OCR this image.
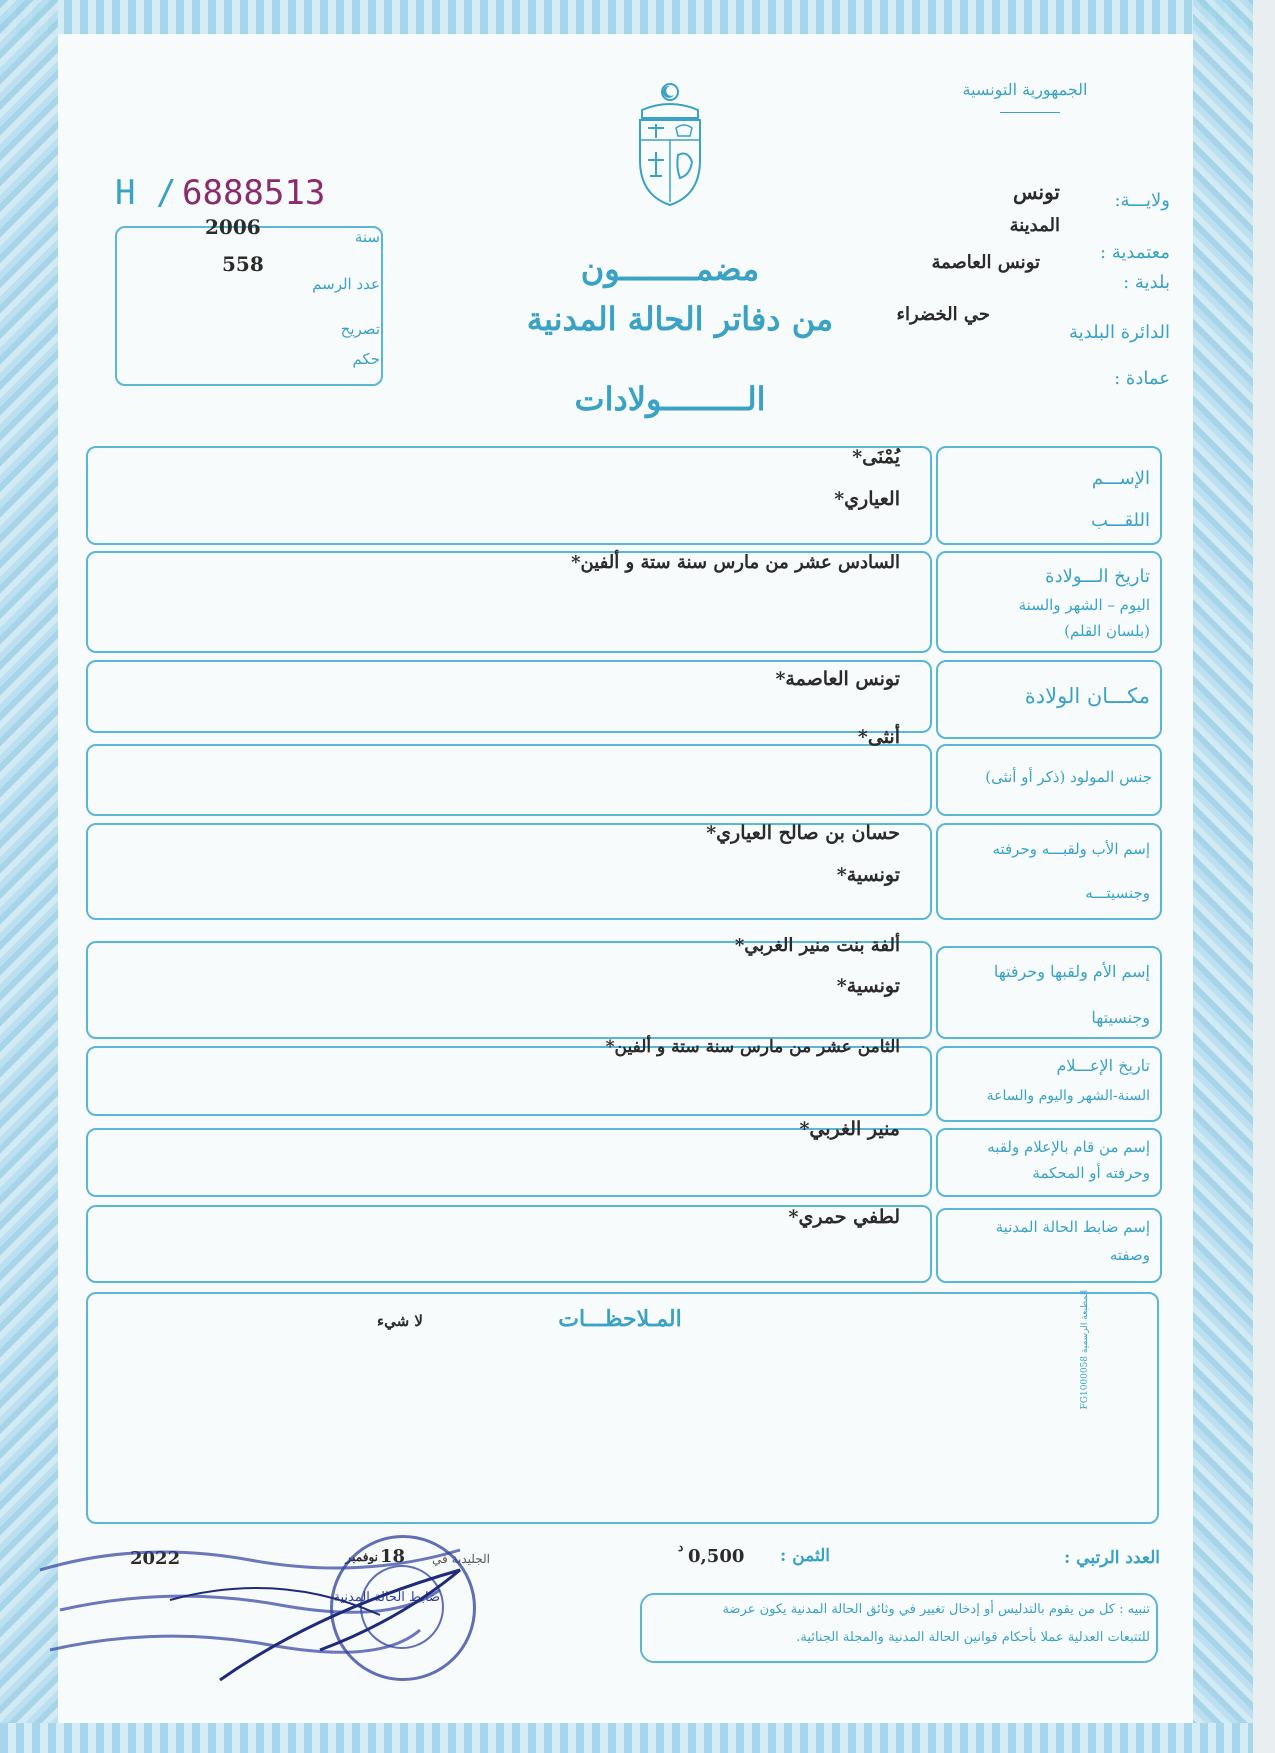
الجمهورية التونسية
ولايـــة:
تونس
المدينة
معتمدية :
تونس العاصمة
بلدية :
حي الخضراء
الدائرة البلدية
عمادة :
H / 6888513
2006	سنة
558
عدد الرسم
تصريح
حكم
مضمــــــــون
من دفاتر الحالة المدنية
الـــــــــولادات
الإســـم
اللقـــب
يُمْنَى*
العياري*
تاريخ الـــولادة
اليوم – الشهر والسنة
(بلسان القلم)
السادس عشر من مارس سنة ستة و ألفين*
مكـــان الولادة
تونس العاصمة*
جنس المولود (ذكر أو أنثى)
أنثى*
إسم الأب ولقبـــه وحرفته
وجنسيتـــه
حسان بن صالح العياري*
تونسية*
إسم الأم ولقبها وحرفتها
وجنسيتها
ألفة بنت منير الغربي*
تونسية*
تاريخ الإعـــلام
السنة-الشهر واليوم والساعة
الثامن عشر من مارس سنة ستة و ألفين*
إسم من قام بالإعلام ولقبه
وحرفته أو المحكمة
منير الغربي*
إسم ضابط الحالة المدنية
وصفته
لطفي حمري*
المـلاحظـــات
لا شيء
المطبعة الرسمية FG1000058
العدد الرتبي :
الثمن :
0,500
د
الجليدية في
18
نوفمبر
2022
ضابط الحالة المدنية
تنبيه : كل من يقوم بالتدليس أو إدخال تغيير في وثائق الحالة المدنية يكون عرضة
للتتبعات العدلية عملا بأحكام قوانين الحالة المدنية والمجلة الجنائية.
